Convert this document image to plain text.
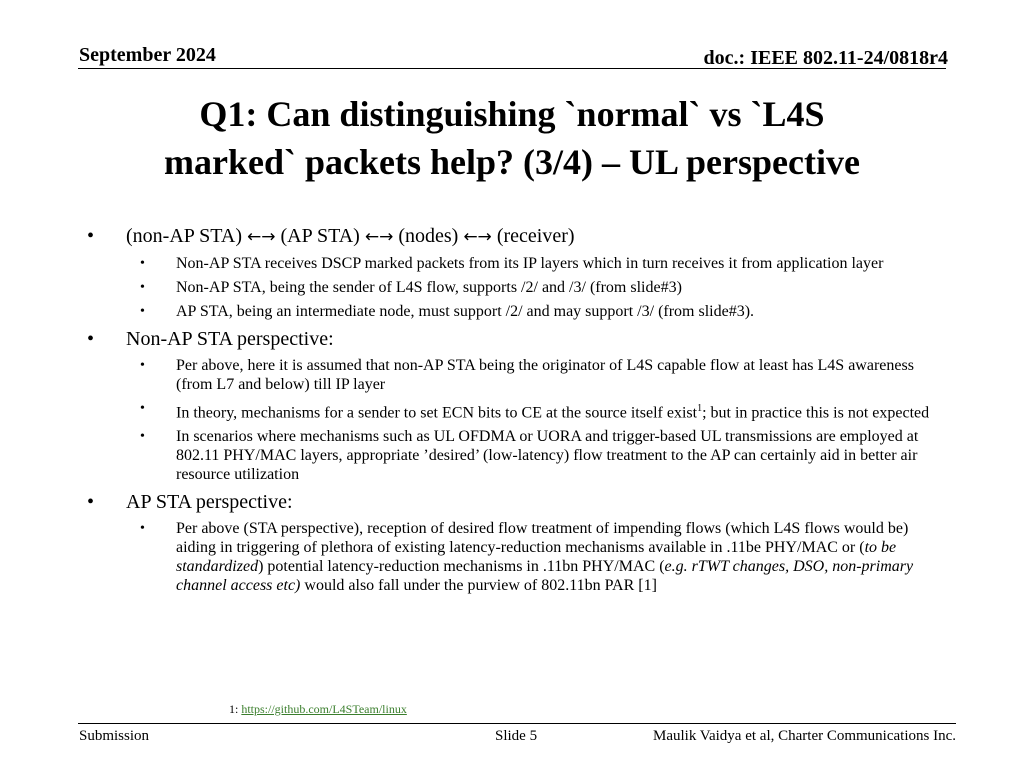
September 2024	doc.: IEEE 802.11-24/0818r4
Q1: Can distinguishing `normal` vs `L4S
marked` packets help? (3/4) – UL perspective
• (non-AP STA) ←→ (AP STA) ←→ (nodes) ←→ (receiver)
• Non-AP STA receives DSCP marked packets from its IP layers which in turn receives it from application layer
• Non-AP STA, being the sender of L4S flow, supports /2/ and /3/ (from slide#3)
• AP STA, being an intermediate node, must support /2/ and may support /3/ (from slide#3).
• Non-AP STA perspective:
• Per above, here it is assumed that non-AP STA being the originator of L4S capable flow at least has L4S awareness (from L7 and below) till IP layer
• In theory, mechanisms for a sender to set ECN bits to CE at the source itself exist$^1$; but in practice this is not expected
• In scenarios where mechanisms such as UL OFDMA or UORA and trigger-based UL transmissions are employed at 802.11 PHY/MAC layers, appropriate ’desired’ (low-latency) flow treatment to the AP can certainly aid in better air resource utilization
• AP STA perspective:
• Per above (STA perspective), reception of desired flow treatment of impending flows (which L4S flows would be) aiding in triggering of plethora of existing latency-reduction mechanisms available in .11be PHY/MAC or (to be standardized) potential latency-reduction mechanisms in .11bn PHY/MAC (e.g. rTWT changes, DSO, non-primary channel access etc) would also fall under the purview of 802.11bn PAR [1]
1: https://github.com/L4STeam/linux
Submission	Slide 5	Maulik Vaidya et al, Charter Communications Inc.
